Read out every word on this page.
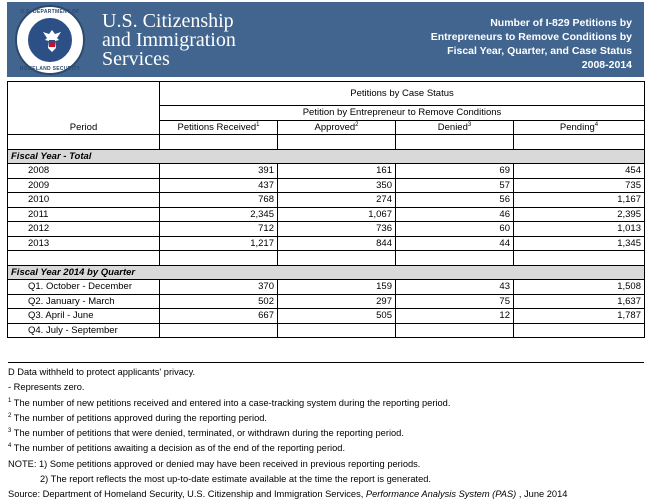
U.S. DEPARTMENT OF
HOMELAND SECURITY
U.S. Citizenship
and Immigration
Services
Number of I-829 Petitions by
Entrepreneurs to Remove Conditions by
Fiscal Year, Quarter, and Case Status
2008-2014
	Petitions by Case Status			
	Petition by Entrepreneur to Remove Conditions			
Period	Petitions Received$^1$	Approved$^2$	Denied$^3$	Pending$^4$

Fiscal Year - Total				
2008	391	161	69	454
2009	437	350	57	735
2010	768	274	56	1,167
2011	2,345	1,067	46	2,395
2012	712	736	60	1,013
2013	1,217	844	44	1,345

Fiscal Year 2014 by Quarter				
Q1. October - December	370	159	43	1,508
Q2. January - March	502	297	75	1,637
Q3. April - June	667	505	12	1,787
Q4. July - September				
D Data withheld to protect applicants' privacy.
- Represents zero.
$^1$ The number of new petitions received and entered into a case-tracking system during the reporting period.
$^2$ The number of petitions approved during the reporting period.
$^3$ The number of petitions that were denied, terminated, or withdrawn during the reporting period.
$^4$ The number of petitions awaiting a decision as of the end of the reporting period.
NOTE: 1) Some petitions approved or denied may have been received in previous reporting periods.
2) The report reflects the most up-to-date estimate available at the time the report is generated.
Source: Department of Homeland Security, U.S. Citizenship and Immigration Services, Performance Analysis System (PAS) , June 2014
